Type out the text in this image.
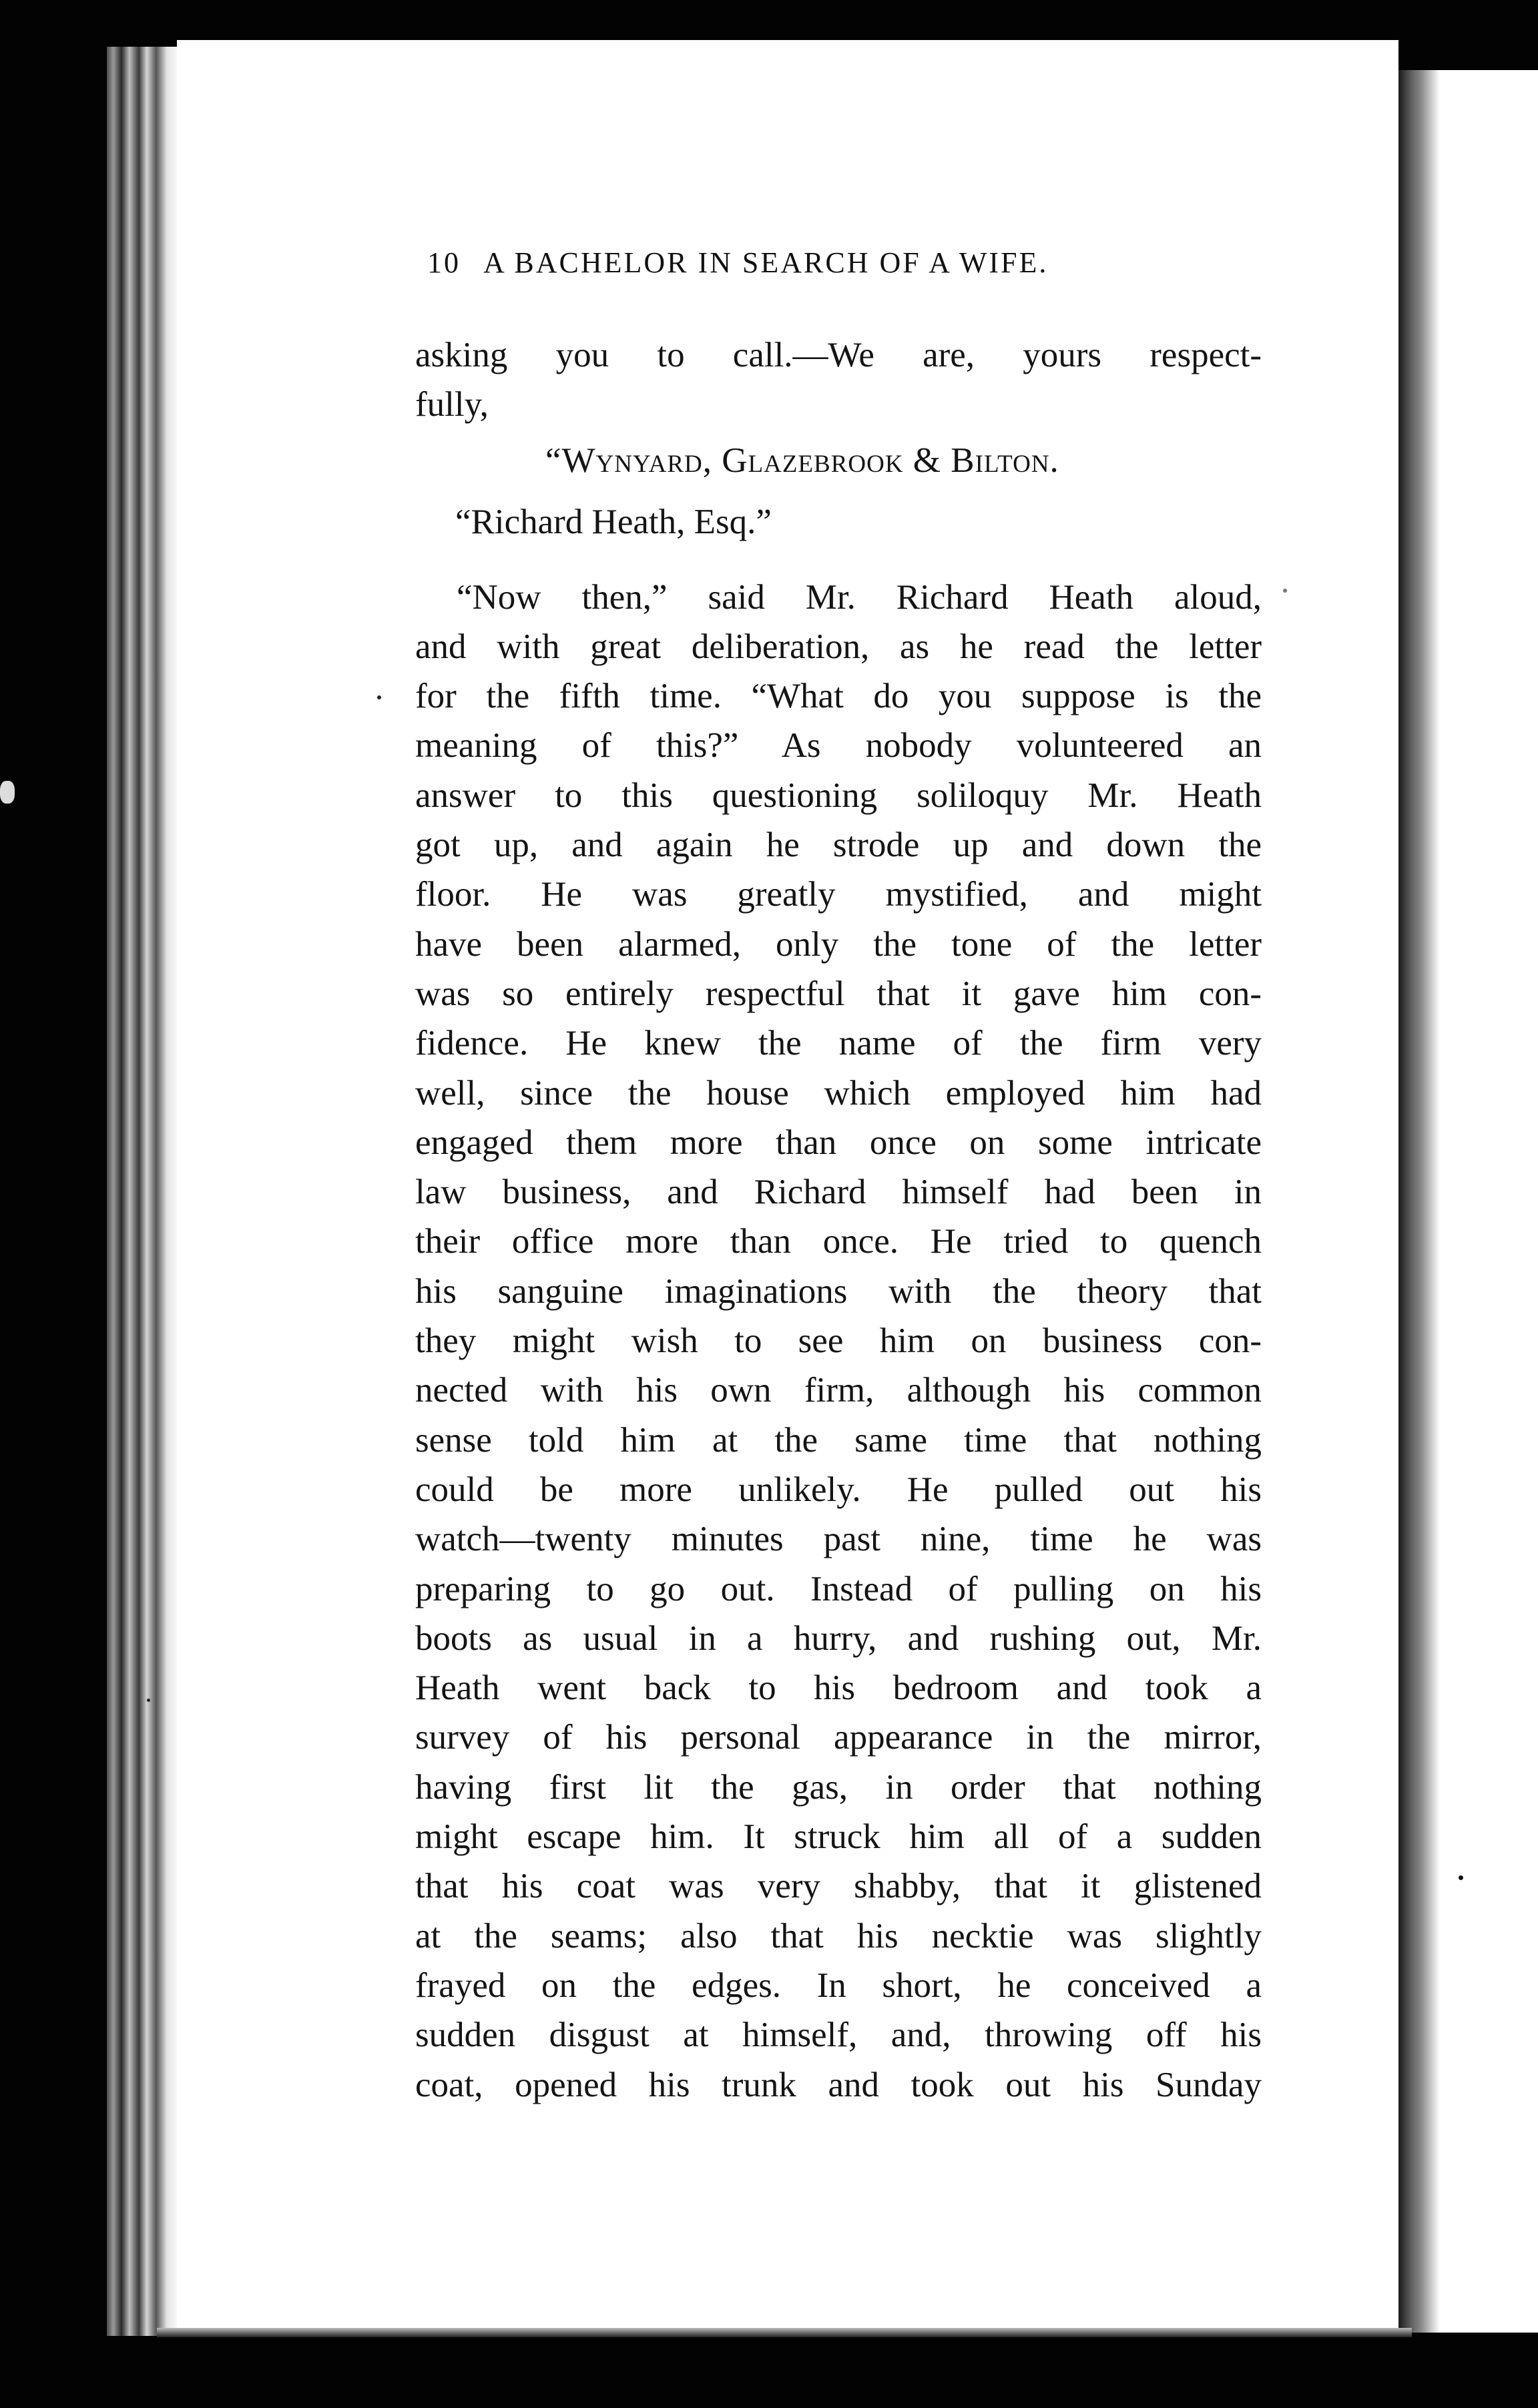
10 A BACHELOR IN SEARCH OF A WIFE.
asking you to call.—We are, yours respect-
fully,
“Wynyard, Glazebrook & Bilton.
“Richard Heath, Esq.”
“Now then,” said Mr. Richard Heath aloud,
and with great deliberation, as he read the letter
for the fifth time. “What do you suppose is the
meaning of this?” As nobody volunteered an
answer to this questioning soliloquy Mr. Heath
got up, and again he strode up and down the
floor. He was greatly mystified, and might
have been alarmed, only the tone of the letter
was so entirely respectful that it gave him con-
fidence. He knew the name of the firm very
well, since the house which employed him had
engaged them more than once on some intricate
law business, and Richard himself had been in
their office more than once. He tried to quench
his sanguine imaginations with the theory that
they might wish to see him on business con-
nected with his own firm, although his common
sense told him at the same time that nothing
could be more unlikely. He pulled out his
watch—twenty minutes past nine, time he was
preparing to go out. Instead of pulling on his
boots as usual in a hurry, and rushing out, Mr.
Heath went back to his bedroom and took a
survey of his personal appearance in the mirror,
having first lit the gas, in order that nothing
might escape him. It struck him all of a sudden
that his coat was very shabby, that it glistened
at the seams; also that his necktie was slightly
frayed on the edges. In short, he conceived a
sudden disgust at himself, and, throwing off his
coat, opened his trunk and took out his Sunday
